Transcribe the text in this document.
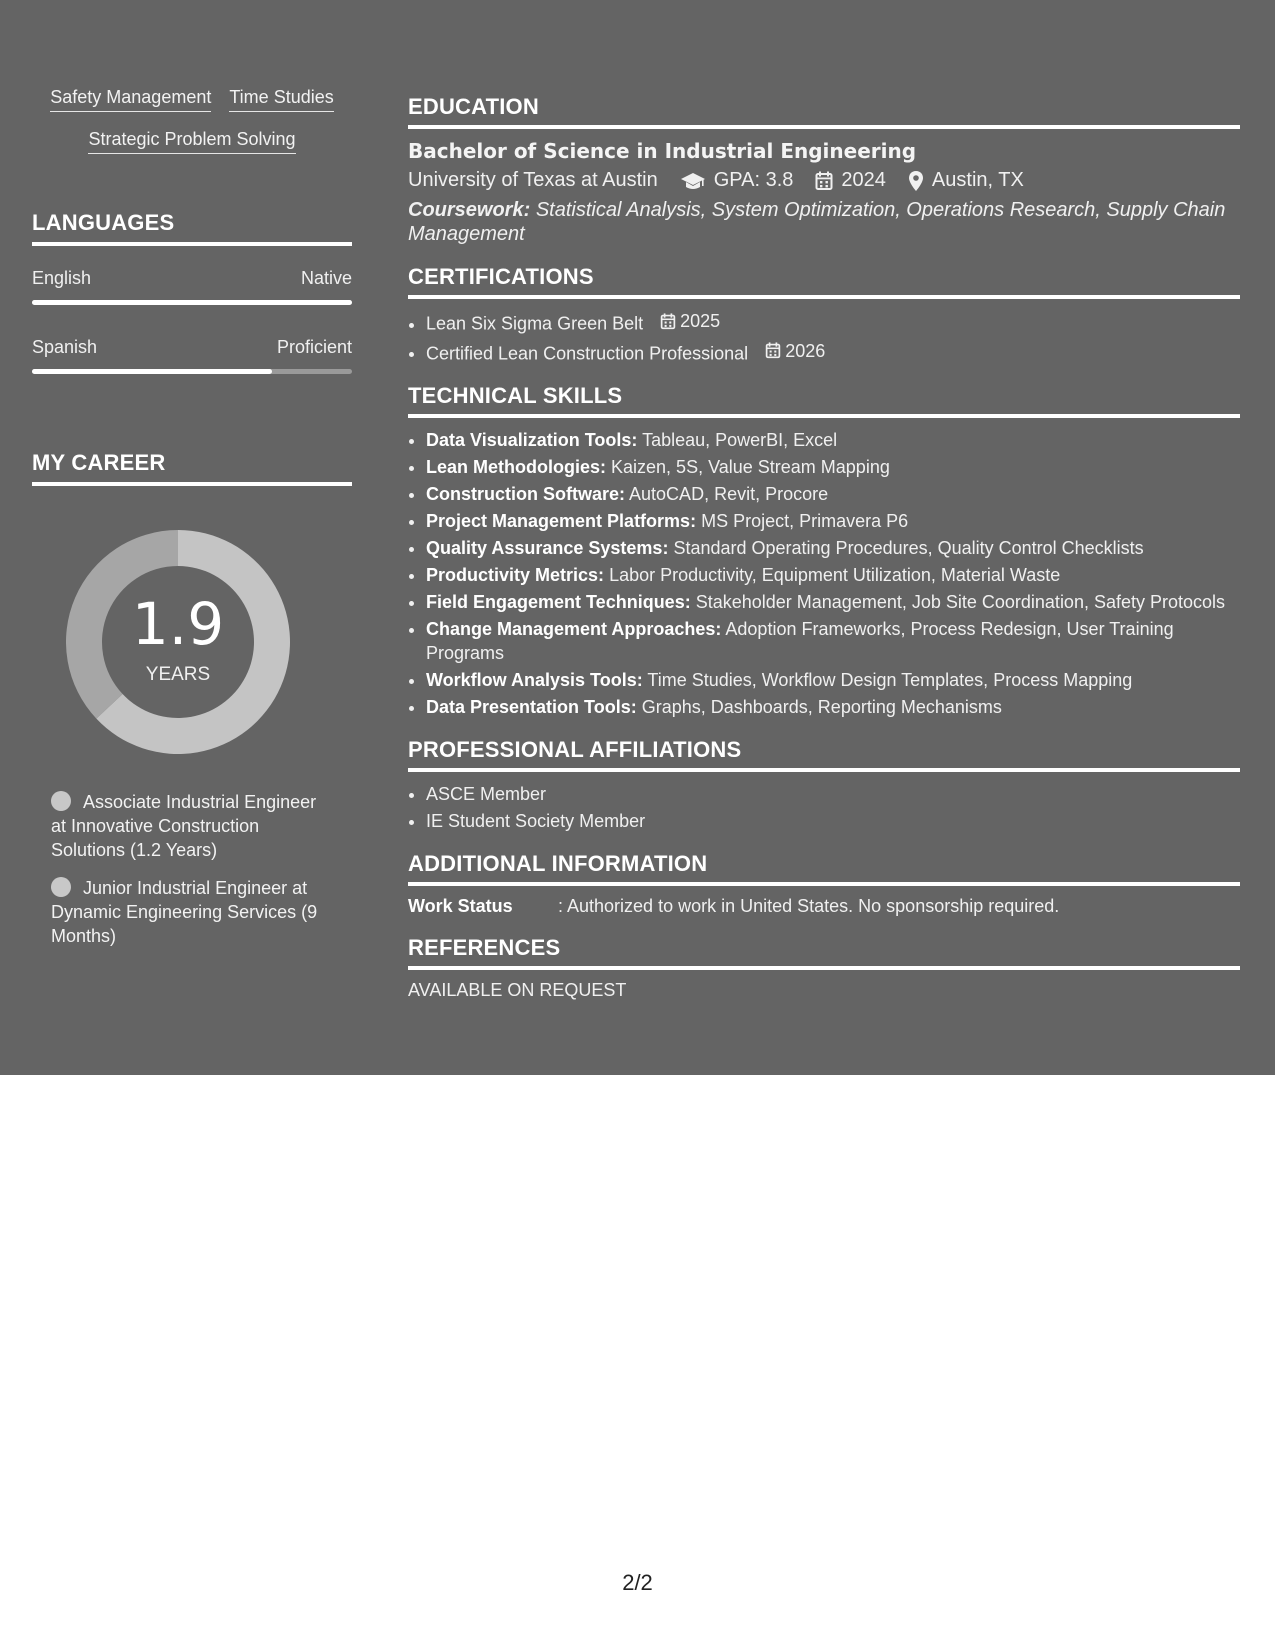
Safety Management Time Studies
Strategic Problem Solving
LANGUAGES
English	Native
Spanish	Proficient
MY CAREER
1.9
YEARS
Associate Industrial Engineer at Innovative Construction Solutions (1.2 Years)
Junior Industrial Engineer at Dynamic Engineering Services (9 Months)
EDUCATION
Bachelor of Science in Industrial Engineering
University of Texas at Austin	GPA: 3.8 2024 Austin, TX
Coursework: Statistical Analysis, System Optimization, Operations Research, Supply Chain Management
CERTIFICATIONS
• Lean Six Sigma Green Belt 2025
• Certified Lean Construction Professional 2026
TECHNICAL SKILLS
• Data Visualization Tools: Tableau, PowerBI, Excel
• Lean Methodologies: Kaizen, 5S, Value Stream Mapping
• Construction Software: AutoCAD, Revit, Procore
• Project Management Platforms: MS Project, Primavera P6
• Quality Assurance Systems: Standard Operating Procedures, Quality Control Checklists
• Productivity Metrics: Labor Productivity, Equipment Utilization, Material Waste
• Field Engagement Techniques: Stakeholder Management, Job Site Coordination, Safety Protocols
• Change Management Approaches: Adoption Frameworks, Process Redesign, User Training Programs
• Workflow Analysis Tools: Time Studies, Workflow Design Templates, Process Mapping
• Data Presentation Tools: Graphs, Dashboards, Reporting Mechanisms
PROFESSIONAL AFFILIATIONS
• ASCE Member
• IE Student Society Member
ADDITIONAL INFORMATION
Work Status	: Authorized to work in United States. No sponsorship required.
REFERENCES
AVAILABLE ON REQUEST
2/2
